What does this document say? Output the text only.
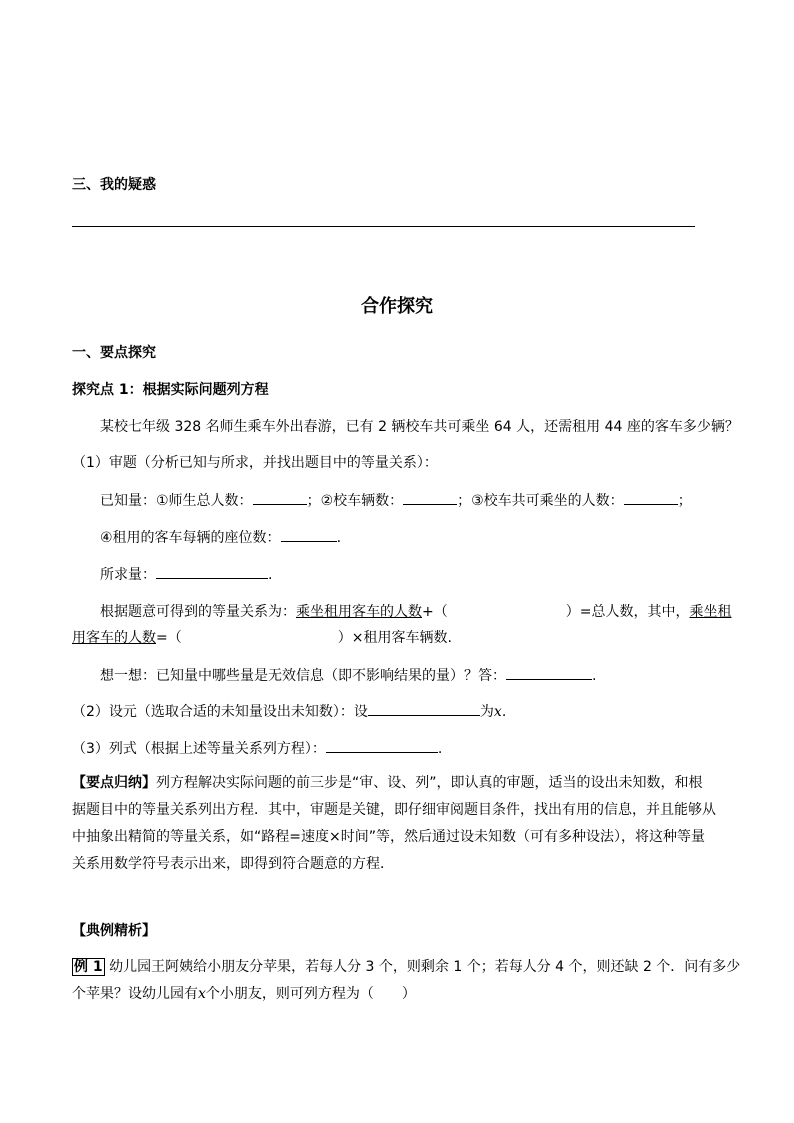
三、我的疑惑
合作探究
一、要点探究
探究点 1：根据实际问题列方程
某校七年级 328 名师生乘车外出春游，已有 2 辆校车共可乘坐 64 人，还需租用 44 座的客车多少辆？
（1）审题（分析已知与所求，并找出题目中的等量关系）：
已知量：①师生总人数：	；②校车辆数：	；③校车共可乘坐的人数：	；
④租用的客车每辆的座位数：	.
所求量：	.
根据题意可得到的等量关系为：乘坐租用客车的人数+（	）=总人数，其中，乘坐租
用客车的人数=（	）×租用客车辆数.
想一想：已知量中哪些量是无效信息（即不影响结果的量）？答：	.
（2）设元（选取合适的未知量设出未知数）：设	为x.
（3）列式（根据上述等量关系列方程）：	.
【要点归纳】列方程解决实际问题的前三步是“审、设、列”，即认真的审题，适当的设出未知数，和根
据题目中的等量关系列出方程．其中，审题是关键，即仔细审阅题目条件，找出有用的信息，并且能够从
中抽象出精简的等量关系，如“路程=速度×时间”等，然后通过设未知数（可有多种设法），将这种等量
关系用数学符号表示出来，即得到符合题意的方程．
【典例精析】
例 1 幼儿园王阿姨给小朋友分苹果，若每人分 3 个，则剩余 1 个；若每人分 4 个，则还缺 2 个．问有多少
个苹果？设幼儿园有x个小朋友，则可列方程为（　　）
